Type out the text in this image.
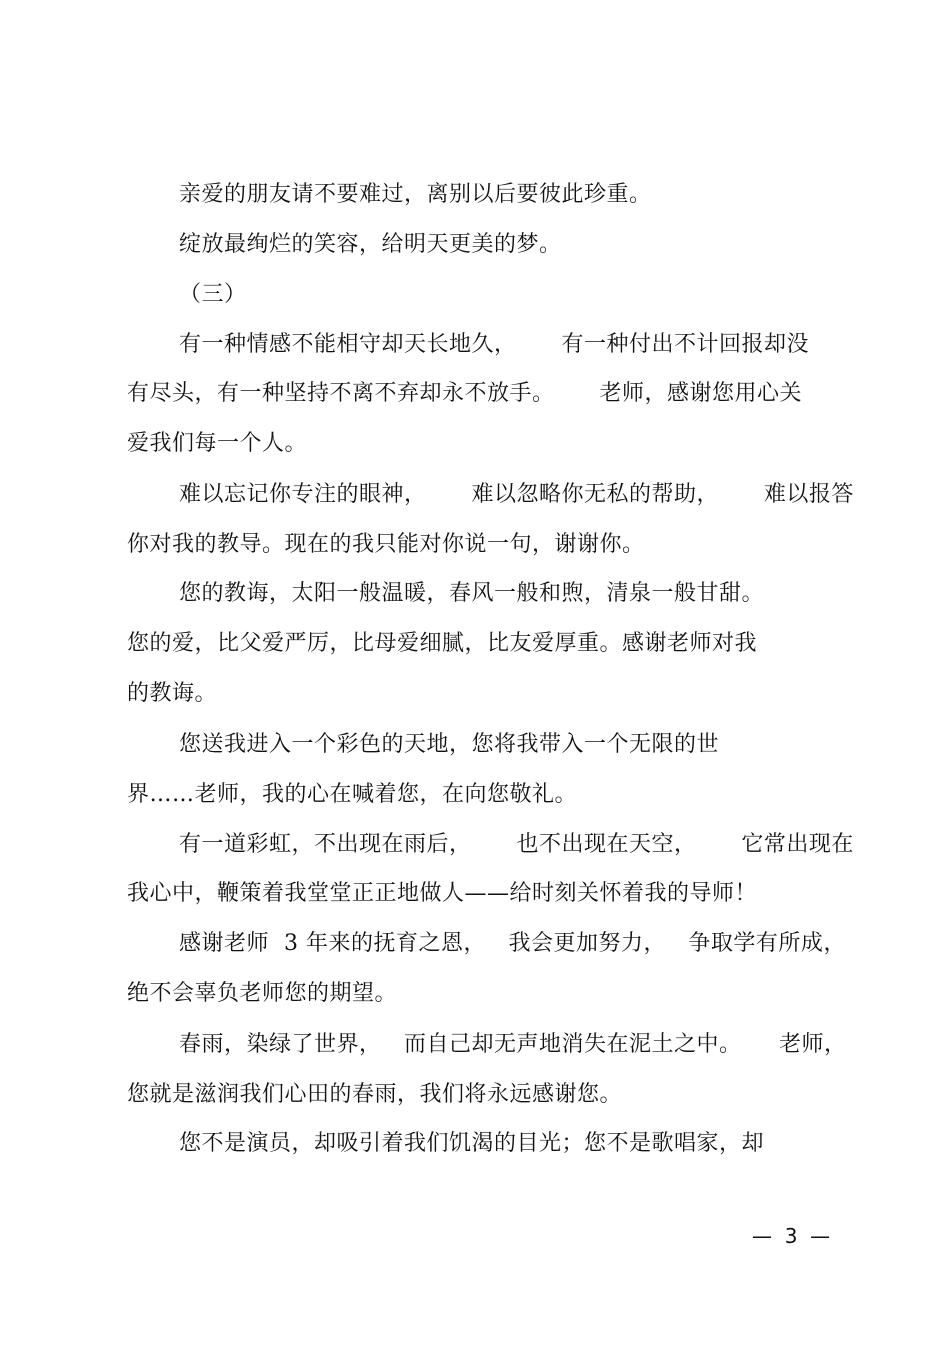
亲爱的朋友请不要难过，离别以后要彼此珍重。
绽放最绚烂的笑容，给明天更美的梦。
（三）
有一种情感不能相守却天长地久，      有一种付出不计回报却没
有尽头，有一种坚持不离不弃却永不放手。      老师，感谢您用心关
爱我们每一个人。
难以忘记你专注的眼神，      难以忽略你无私的帮助，      难以报答
你对我的教导。现在的我只能对你说一句，谢谢你。
您的教诲，太阳一般温暖，春风一般和煦，清泉一般甘甜。
您的爱，比父爱严厉，比母爱细腻，比友爱厚重。感谢老师对我
的教诲。
您送我进入一个彩色的天地，您将我带入一个无限的世
界……老师，我的心在喊着您，在向您敬礼。
有一道彩虹，不出现在雨后，      也不出现在天空，      它常出现在
我心中，鞭策着我堂堂正正地做人——给时刻关怀着我的导师！
感谢老师  3 年来的抚育之恩，   我会更加努力，   争取学有所成，
绝不会辜负老师您的期望。
春雨，染绿了世界，   而自己却无声地消失在泥土之中。     老师，
您就是滋润我们心田的春雨，我们将永远感谢您。
您不是演员，却吸引着我们饥渴的目光；您不是歌唱家，却
—  3  —
